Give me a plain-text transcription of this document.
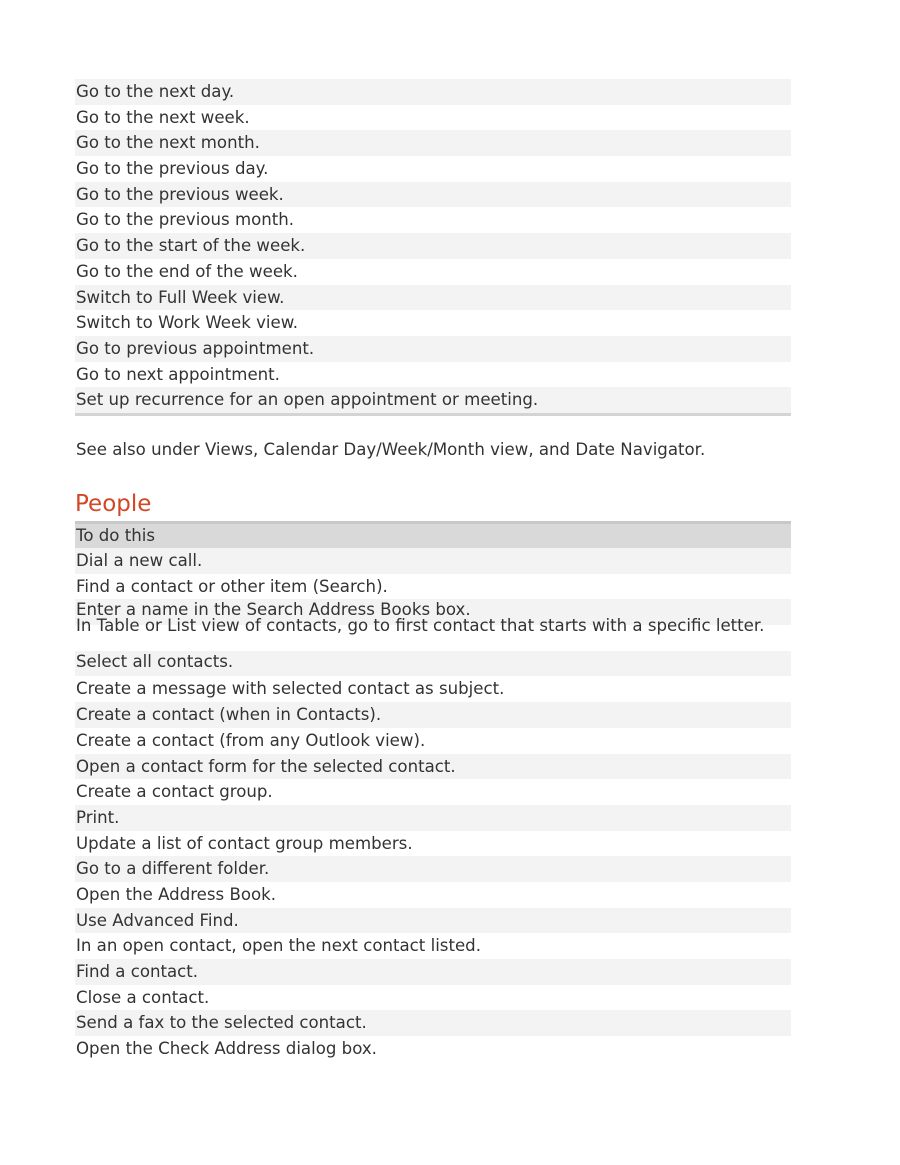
Go to the next day.
Go to the next week.
Go to the next month.
Go to the previous day.
Go to the previous week.
Go to the previous month.
Go to the start of the week.
Go to the end of the week.
Switch to Full Week view.
Switch to Work Week view.
Go to previous appointment.
Go to next appointment.
Set up recurrence for an open appointment or meeting.
See also under Views, Calendar Day/Week/Month view, and Date Navigator.
People
To do this
Dial a new call.
Find a contact or other item (Search).
Enter a name in the Search Address Books box.
In Table or List view of contacts, go to first contact that starts with a specific letter.
Select all contacts.
Create a message with selected contact as subject.
Create a contact (when in Contacts).
Create a contact (from any Outlook view).
Open a contact form for the selected contact.
Create a contact group.
Print.
Update a list of contact group members.
Go to a different folder.
Open the Address Book.
Use Advanced Find.
In an open contact, open the next contact listed.
Find a contact.
Close a contact.
Send a fax to the selected contact.
Open the Check Address dialog box.
